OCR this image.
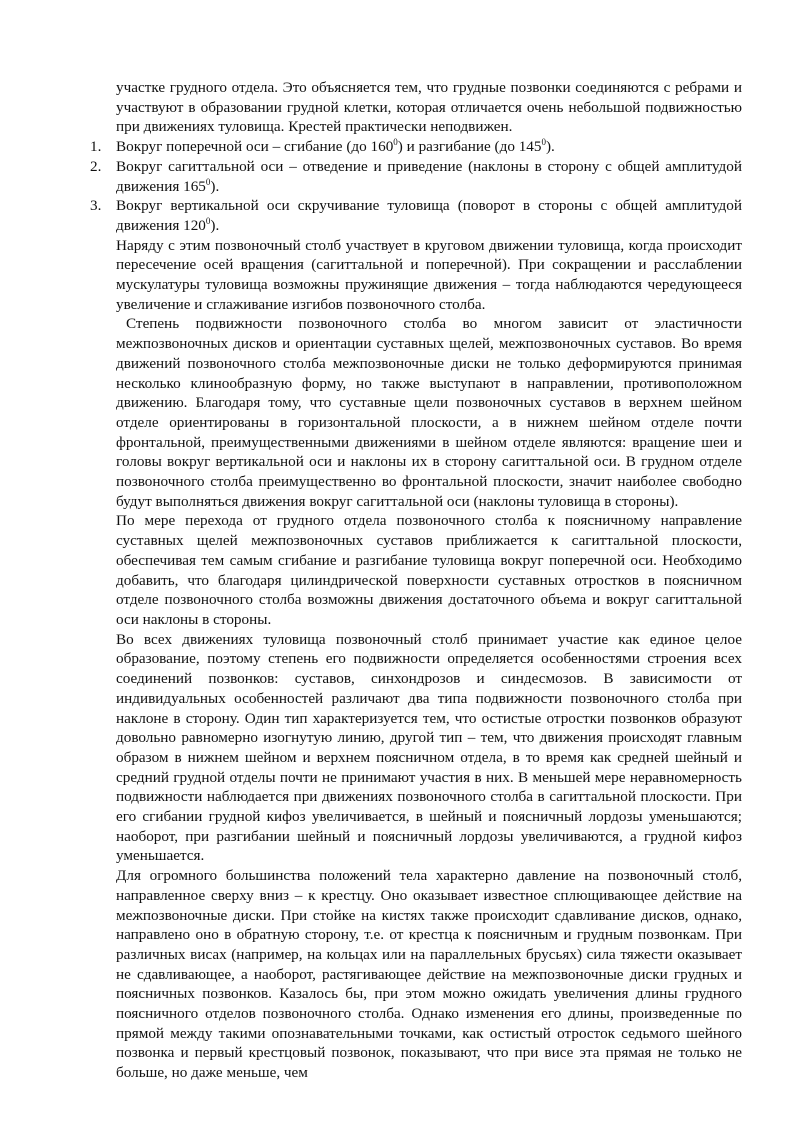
участке грудного отдела. Это объясняется тем, что грудные позвонки соединяются с ребрами и участвуют в образовании грудной клетки, которая отличается очень небольшой подвижностью при движениях туловища. Крестей практически неподвижен.

1. Вокруг поперечной оси – сгибание (до $160^0$) и разгибание (до $145^0$).
2. Вокруг сагиттальной оси – отведение и приведение (наклоны в сторону с общей амплитудой движения $165^0$).
3. Вокруг вертикальной оси скручивание туловища (поворот в стороны с общей амплитудой движения $120^0$).

Наряду с этим позвоночный столб участвует в круговом движении туловища, когда происходит пересечение осей вращения (сагиттальной и поперечной). При сокращении и расслаблении мускулатуры туловища возможны пружинящие движения – тогда наблюдаются чередующееся увеличение и сглаживание изгибов позвоночного столба.

Степень подвижности позвоночного столба во многом зависит от эластичности межпозвоночных дисков и ориентации суставных щелей, межпозвоночных суставов. Во время движений позвоночного столба межпозвоночные диски не только деформируются принимая несколько клинообразную форму, но также выступают в направлении, противоположном движению. Благодаря тому, что суставные щели позвоночных суставов в верхнем шейном отделе ориентированы в горизонтальной плоскости, а в нижнем шейном отделе почти фронтальной, преимущественными движениями в шейном отделе являются: вращение шеи и головы вокруг вертикальной оси и наклоны их в сторону сагиттальной оси. В грудном отделе позвоночного столба преимущественно во фронтальной плоскости, значит наиболее свободно будут выполняться движения вокруг сагиттальной оси (наклоны туловища в стороны).

По мере перехода от грудного отдела позвоночного столба к поясничному направление суставных щелей межпозвоночных суставов приближается к сагиттальной плоскости, обеспечивая тем самым сгибание и разгибание туловища вокруг поперечной оси. Необходимо добавить, что благодаря цилиндрической поверхности суставных отростков в поясничном отделе позвоночного столба возможны движения достаточного объема и вокруг сагиттальной оси наклоны в стороны.

Во всех движениях туловища позвоночный столб принимает участие как единое целое образование, поэтому степень его подвижности определяется особенностями строения всех соединений позвонков: суставов, синхондрозов и синдесмозов. В зависимости от индивидуальных особенностей различают два типа подвижности позвоночного столба при наклоне в сторону. Один тип характеризуется тем, что остистые отростки позвонков образуют довольно равномерно изогнутую линию, другой тип – тем, что движения происходят главным образом в нижнем шейном и верхнем поясничном отдела, в то время как средней шейный и средний грудной отделы почти не принимают участия в них. В меньшей мере неравномерность подвижности наблюдается при движениях позвоночного столба в сагиттальной плоскости. При его сгибании грудной кифоз увеличивается, в шейный и поясничный лордозы уменьшаются; наоборот, при разгибании шейный и поясничный лордозы увеличиваются, а грудной кифоз уменьшается.

Для огромного большинства положений тела характерно давление на позвоночный столб, направленное сверху вниз – к крестцу. Оно оказывает известное сплющивающее действие на межпозвоночные диски. При стойке на кистях также происходит сдавливание дисков, однако, направлено оно в обратную сторону, т.е. от крестца к поясничным и грудным позвонкам. При различных висах (например, на кольцах или на параллельных брусьях) сила тяжести оказывает не сдавливающее, а наоборот, растягивающее действие на межпозвоночные диски грудных и поясничных позвонков. Казалось бы, при этом можно ожидать увеличения длины грудного поясничного отделов позвоночного столба. Однако изменения его длины, произведенные по прямой между такими опознавательными точками, как остистый отросток седьмого шейного позвонка и первый крестцовый позвонок, показывают, что при висе эта прямая не только не больше, но даже меньше, чем
